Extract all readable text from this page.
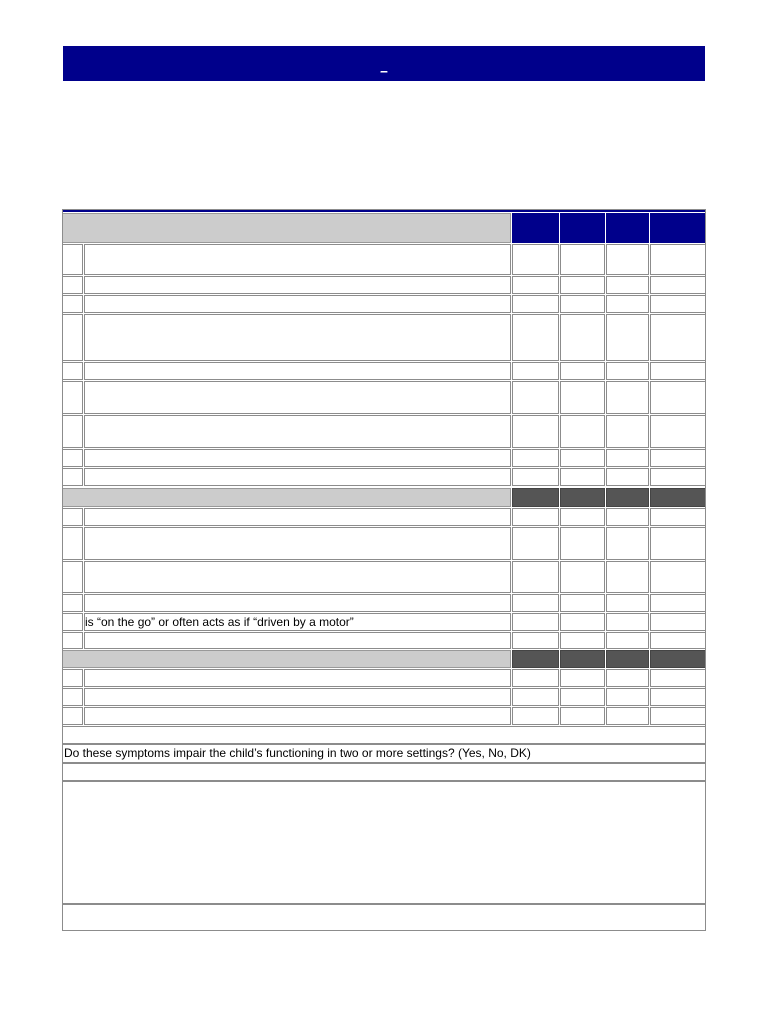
_
is “on the go” or often acts as if “driven by a motor”
Do these symptoms impair the child’s functioning in two or more settings? (Yes, No, DK)
